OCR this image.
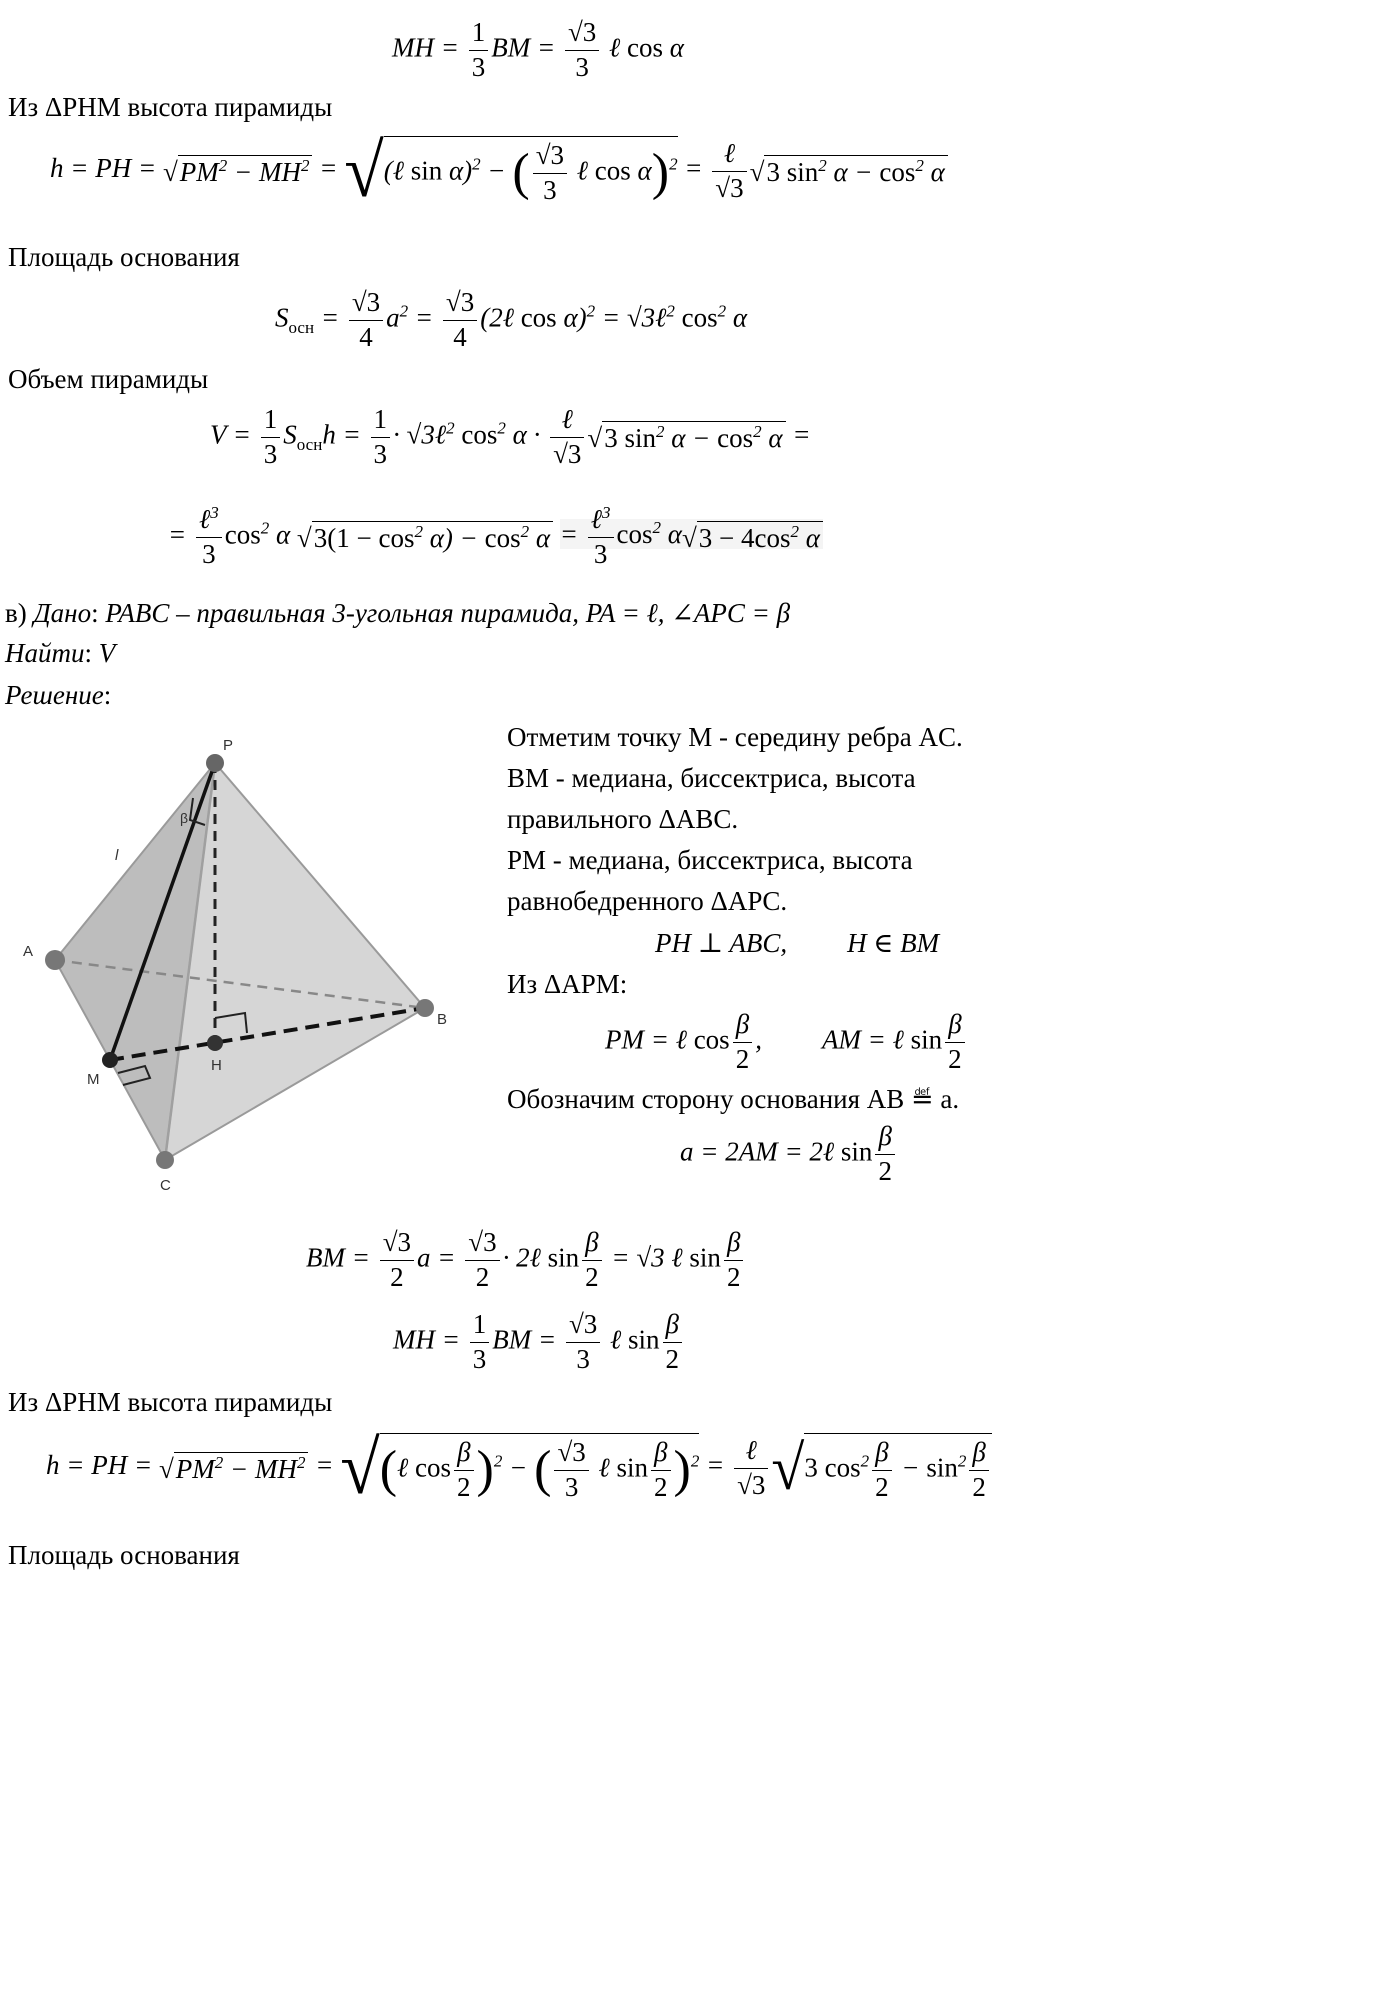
MH = $\frac{1}{3}$ BM = $\frac{√3}{3}$ ℓ cos α
Из ΔPHM высота пирамиды
h = PH = $√PM^2 - MH^2$ = √(ℓ sin α)$^2$ − ( $\frac{√3}{3}$ ℓ $\cos \alpha)^2 = \frac{\text{ℓ}}{√3} √3$ $\sin^2 \alpha - \cos^2 \alpha$
Площадь основания
$S_{осн} = \frac{√3}{4} a^2 = \frac{√3}{4}$ (2ℓ cos α)$^2$ = √3ℓ$^2$ $\cos^2 \alpha$
Объем пирамиды
$V = \frac{1}{3} S_{осн}h = \frac{1}{3}$ · √3ℓ$^2$ $\cos^2 \alpha \cdot \frac{\text{ℓ}}{√3} √3$ $\sin^2 \alpha - \cos^2 \alpha$ =
= $\frac{\ell^3}{3} \cos^2 \alpha$ $√3(1 - \cos^2 \alpha) - \cos^2 \alpha = \frac{\ell^3}{3} \cos^2 \alpha√3 - 4\cos^2$ α
в) Дано: PABC – правильная 3-угольная пирамида, PA = ℓ, ∠APC = β
Найти: V
Решение:
P
A
B
C
M
H
β
l
Отметим точку M - середину ребра AC.
BM - медиана, биссектриса, высота
правильного ΔABC.
PM - медиана, биссектриса, высота
равнобедренного ΔAPC.
PH ⊥ ABC, H ∈ BM
Из ΔAPM:
PM = ℓ $\cos \frac{\beta}{2}$ , AM = ℓ $\sin \frac{\beta}{2}$
Обозначим сторону основания AB ≝ a.
a = 2AM = 2ℓ $\sin \frac{\beta}{2}$
BM = $\frac{√3}{2}$ $a = \frac{√3}{2}$ · 2ℓ $\sin \frac{\beta}{2} = √3$ ℓ $\sin \frac{\beta}{2}$
MH = $\frac{1}{3}$ BM = $\frac{√3}{3}$ ℓ $\sin \frac{\beta}{2}$
Из ΔPHM высота пирамиды
h = PH = $√PM^2 - MH^2$ = √(ℓ $\cos \frac{\beta}{2} )^2$ − ( $\frac{√3}{3}$ ℓ $\sin \frac{\beta}{2} )^2 = \frac{\text{ℓ}}{√3} √3$ $\cos^2 \frac{\beta}{2} - \sin^2 \frac{\beta}{2}$
Площадь основания
